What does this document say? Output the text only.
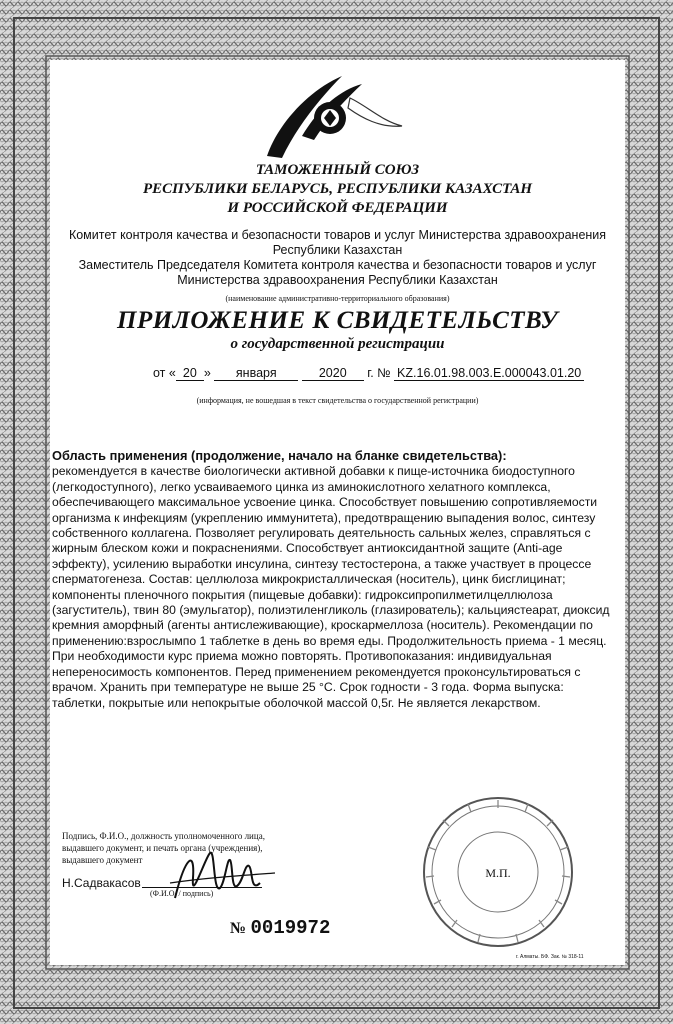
ТАМОЖЕННЫЙ СОЮЗ
РЕСПУБЛИКИ БЕЛАРУСЬ, РЕСПУБЛИКИ КАЗАХСТАН
И РОССИЙСКОЙ ФЕДЕРАЦИИ
Комитет контроля качества и безопасности товаров и услуг Министерства здравоохранения
Республики Казахстан
Заместитель Председателя Комитета контроля качества и безопасности товаров и услуг
Министерства здравоохранения Республики Казахстан
(наименование административно-территориального образования)
ПРИЛОЖЕНИЕ К СВИДЕТЕЛЬСТВУ
о государственной регистрации
от « 20 » января	2020 г. № KZ.16.01.98.003.Е.000043.01.20
(информация, не вошедшая в текст свидетельства о государственной регистрации)
Область применения (продолжение, начало на бланке свидетельства):
рекомендуется в качестве биологически активной добавки к пище-источника биодоступного
(легкодоступного), легко усваиваемого цинка из аминокислотного хелатного комплекса,
обеспечивающего максимальное усвоение цинка. Способствует повышению сопротивляемости
организма к инфекциям (укреплению иммунитета), предотвращению выпадения волос, синтезу
собственного коллагена. Позволяет регулировать деятельность сальных желез, справляться с
жирным блеском кожи и покраснениями. Способствует антиоксидантной защите (Anti-age
эффекту), усилению выработки инсулина, синтезу тестостерона, а также участвует в процессе
сперматогенеза. Состав: целлюлоза микрокристаллическая (носитель), цинк бисглицинат;
компоненты пленочного покрытия (пищевые добавки): гидроксипропилметилцеллюлоза
(загуститель), твин 80 (эмульгатор), полиэтиленгликоль (глазирователь); кальцияcтеарат, диоксид
кремния аморфный (агенты антислеживающие), кроскармеллоза (носитель). Рекомендации по
применению:взрослымпо 1 таблетке в день во время еды. Продолжительность приема - 1 месяц.
При необходимости курс приема можно повторять. Противопоказания: индивидуальная
непереносимость компонентов. Перед применением рекомендуется проконсультироваться с
врачом. Хранить при температуре не выше 25 °С. Срок годности - 3 года. Форма выпуска:
таблетки, покрытые или непокрытые оболочкой массой 0,5г. Не является лекарством.
Подпись, Ф.И.О., должность уполномоченного лица,
выдавшего документ, и печать органа (учреждения),
выдавшего документ
Н.Садвакасов
(Ф.И.О. / подпись)
М.П.
№ 0019972
г. Алматы. БФ. Зак. № 318-11
